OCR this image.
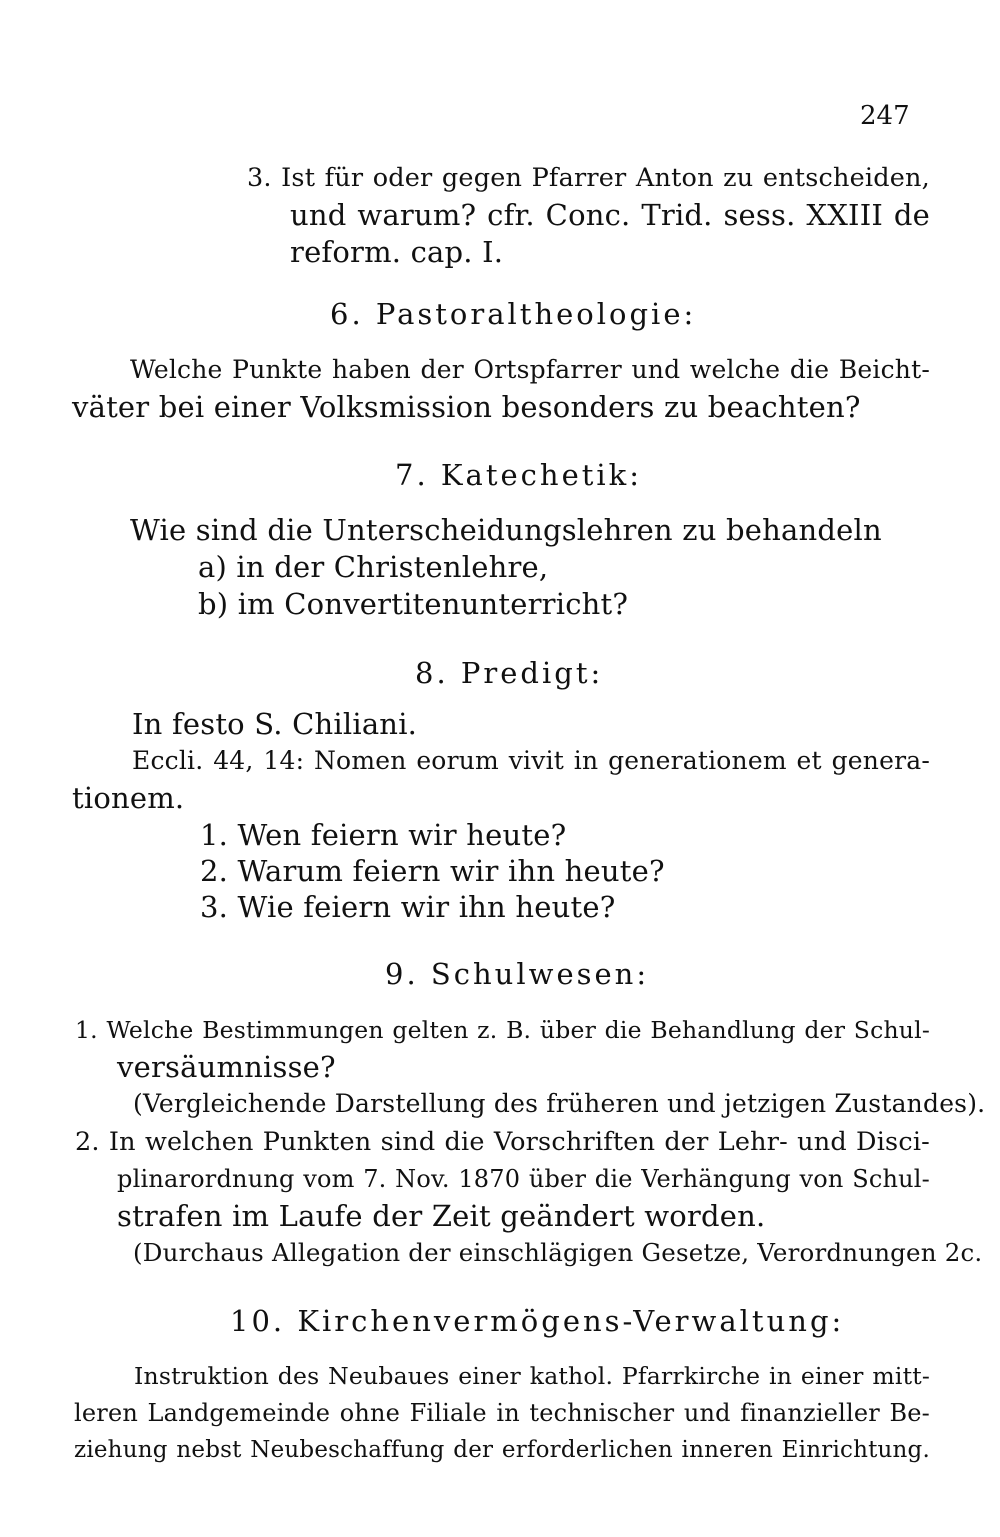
247
3. Ist für oder gegen Pfarrer Anton zu entscheiden,
und warum? cfr. Conc. Trid. sess. XXIII de
reform. cap. I.
6. Pastoraltheologie:
Welche Punkte haben der Ortspfarrer und welche die Beicht-
väter bei einer Volksmission besonders zu beachten?
7. Katechetik:
Wie sind die Unterscheidungslehren zu behandeln
a) in der Christenlehre,
b) im Convertitenunterricht?
8. Predigt:
In festo S. Chiliani.
Eccli. 44, 14: Nomen eorum vivit in generationem et genera-
tionem.
1. Wen feiern wir heute?
2. Warum feiern wir ihn heute?
3. Wie feiern wir ihn heute?
9. Schulwesen:
1. Welche Bestimmungen gelten z. B. über die Behandlung der Schul-
versäumnisse?
(Vergleichende Darstellung des früheren und jetzigen Zustandes).
2. In welchen Punkten sind die Vorschriften der Lehr- und Disci-
plinarordnung vom 7. Nov. 1870 über die Verhängung von Schul-
strafen im Laufe der Zeit geändert worden.
(Durchaus Allegation der einschlägigen Gesetze, Verordnungen 2c.
10. Kirchenvermögens-Verwaltung:
Instruktion des Neubaues einer kathol. Pfarrkirche in einer mitt-
leren Landgemeinde ohne Filiale in technischer und finanzieller Be-
ziehung nebst Neubeschaffung der erforderlichen inneren Einrichtung.
